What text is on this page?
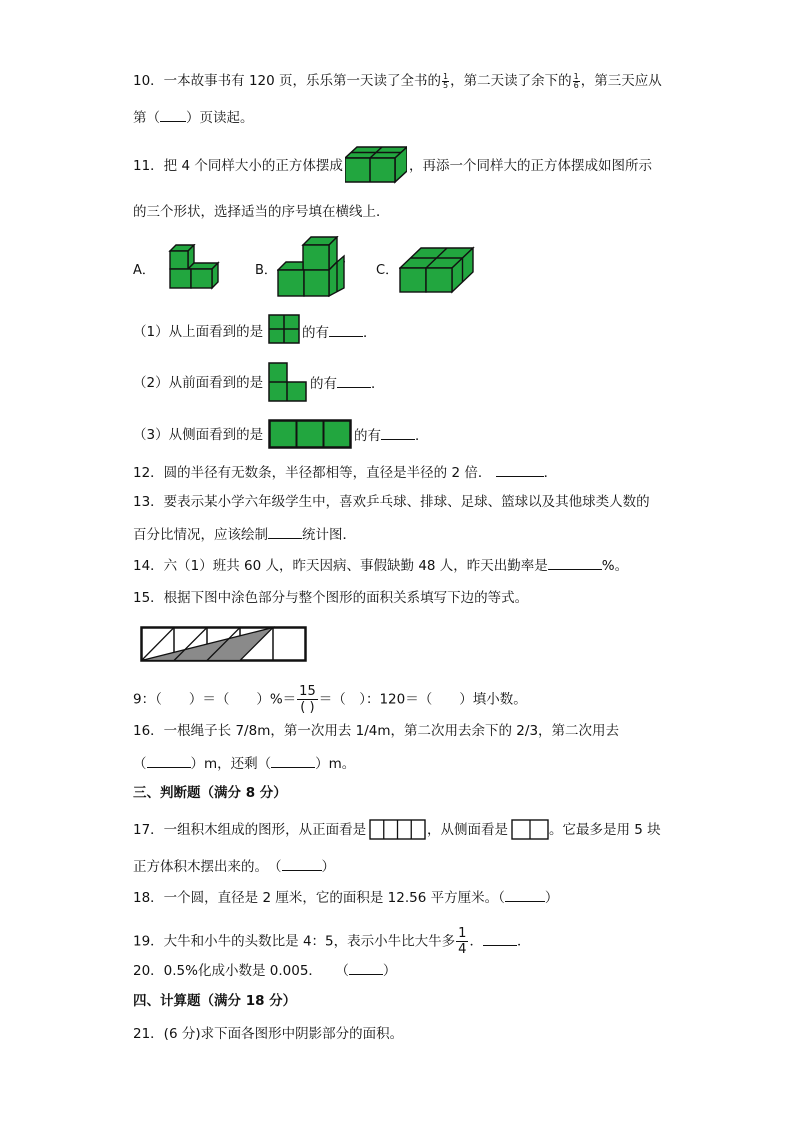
10．一本故事书有 120 页，乐乐第一天读了全书的 $\frac{1}{5}$ ，第二天读了余下的 $\frac{1}{6}$ ，第三天应从
第（ ）页读起。
11．把 4 个同样大小的正方体摆成	，再添一个同样大的正方体摆成如图所示
的三个形状，选择适当的序号填在横线上．
A．	B．	C．
（1）从上面看到的是	的有	．
（2）从前面看到的是	的有	．
（3）从侧面看到的是	的有	．
12．圆的半径有无数条，半径都相等，直径是半径的 2 倍．	．
13．要表示某小学六年级学生中，喜欢乒乓球、排球、足球、篮球以及其他球类人数的
百分比情况，应该绘制	统计图．
14．六（1）班共 60 人，昨天因病、事假缺勤 48 人，昨天出勤率是	%。
15．根据下图中涂色部分与整个图形的面积关系填写下边的等式。
9：（　　）＝（　　）%＝ $\frac{15}{( )}$ ＝（　）：120＝（　　）填小数。
16．一根绳子长 7/8m，第一次用去 1/4m，第二次用去余下的 2/3，第二次用去
（	）m，还剩（	）m。
三、判断题（满分 8 分）
17．一组积木组成的图形，从正面看是	，从侧面看是	。它最多是用 5 块
正方体积木摆出来的。　（	）
18．一个圆，直径是 2 厘米，它的面积是 12.56 平方厘米。（	）
19．大牛和小牛的头数比是 4：5，表示小牛比大牛多 $\frac{1}{4}$ ．	．
20．0.5%化成小数是 0.005．　　（	）
四、计算题（满分 18 分）
21．(6 分)求下面各图形中阴影部分的面积。
